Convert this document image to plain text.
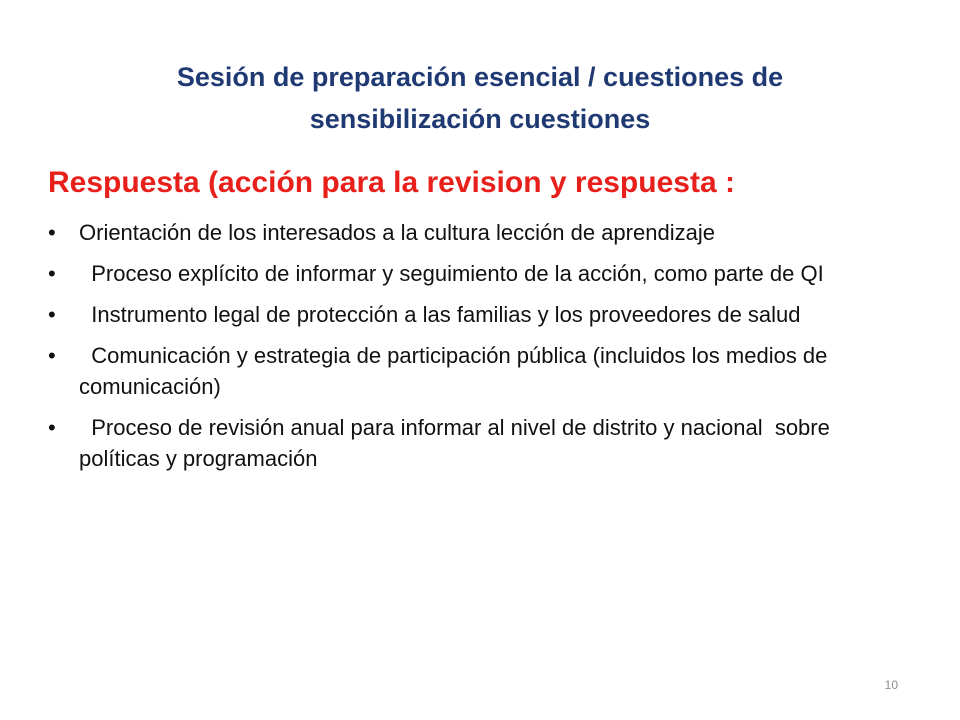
Sesión de preparación esencial / cuestiones de
sensibilización cuestiones
Respuesta (acción para la revision y respuesta :
•	Orientación de los interesados a la cultura lección de aprendizaje
•	Proceso explícito de informar y seguimiento de la acción, como parte de QI
•	Instrumento legal de protección a las familias y los proveedores de salud
•	Comunicación y estrategia de participación pública (incluidos los medios de comunicación)
•	Proceso de revisión anual para informar al nivel de distrito y nacional  sobre políticas y programación
10
